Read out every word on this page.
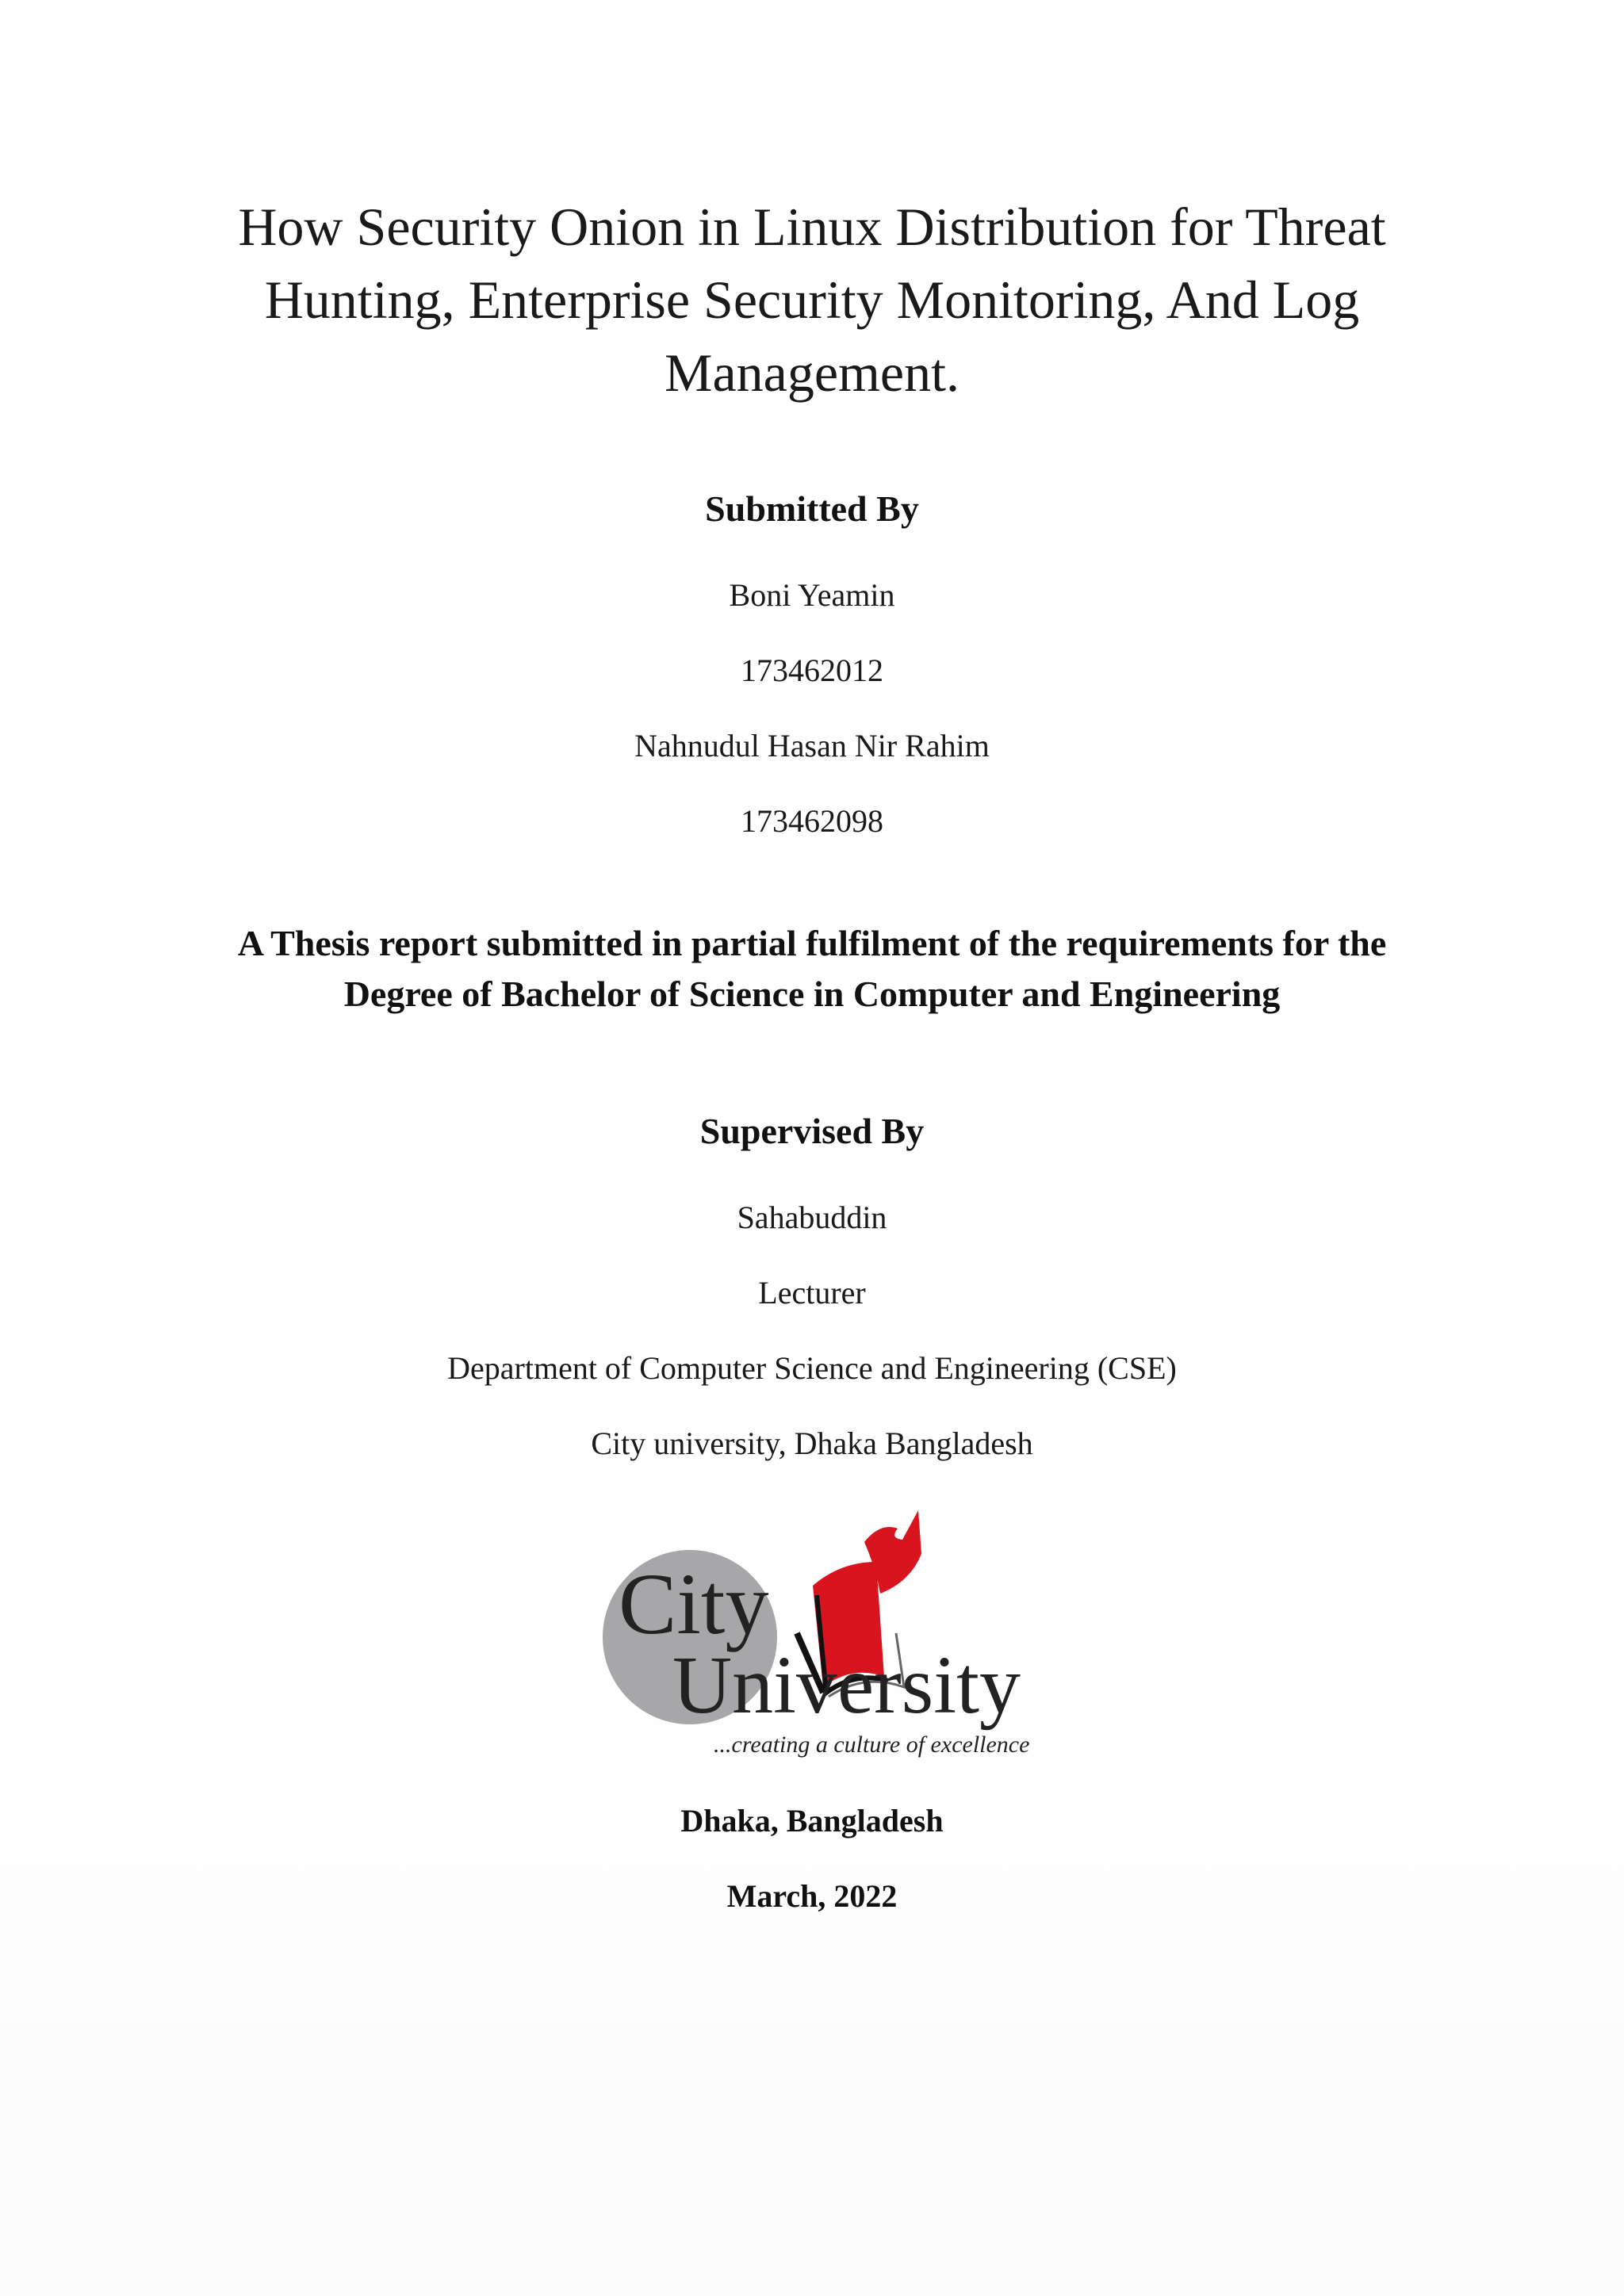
How Security Onion in Linux Distribution for Threat
Hunting, Enterprise Security Monitoring, And Log
Management.
Submitted By
Boni Yeamin
173462012
Nahnudul Hasan Nir Rahim
173462098
A Thesis report submitted in partial fulfilment of the requirements for the
Degree of Bachelor of Science in Computer and Engineering
Supervised By
Sahabuddin
Lecturer
Department of Computer Science and Engineering (CSE)
City university, Dhaka Bangladesh
City
University
...creating a culture of excellence
Dhaka, Bangladesh
March, 2022
